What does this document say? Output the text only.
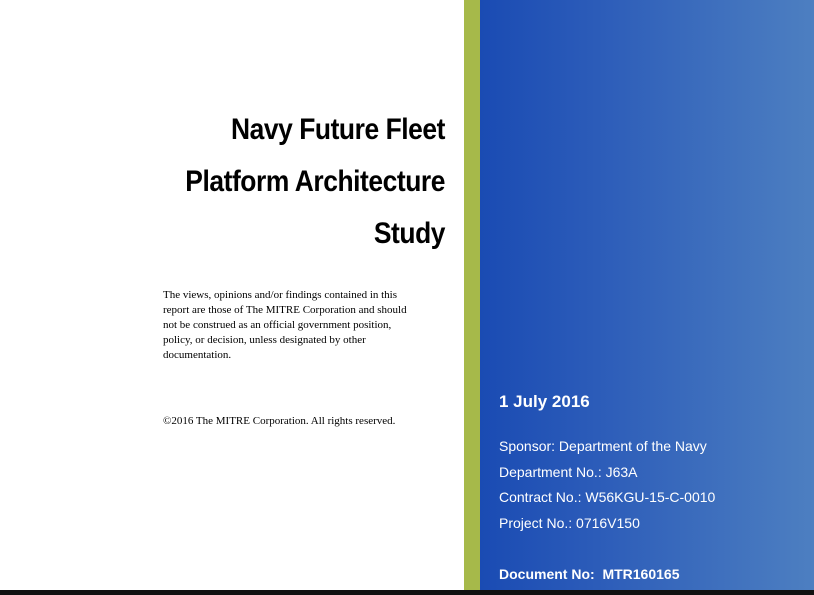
Navy Future Fleet
Platform Architecture
Study
The views, opinions and/or findings contained in this
report are those of The MITRE Corporation and should
not be construed as an official government position,
policy, or decision, unless designated by other
documentation.
©2016 The MITRE Corporation. All rights reserved.
1 July 2016
Sponsor: Department of the Navy
Department No.: J63A
Contract No.: W56KGU-15-C-0010
Project No.: 0716V150
Document No:  MTR160165
